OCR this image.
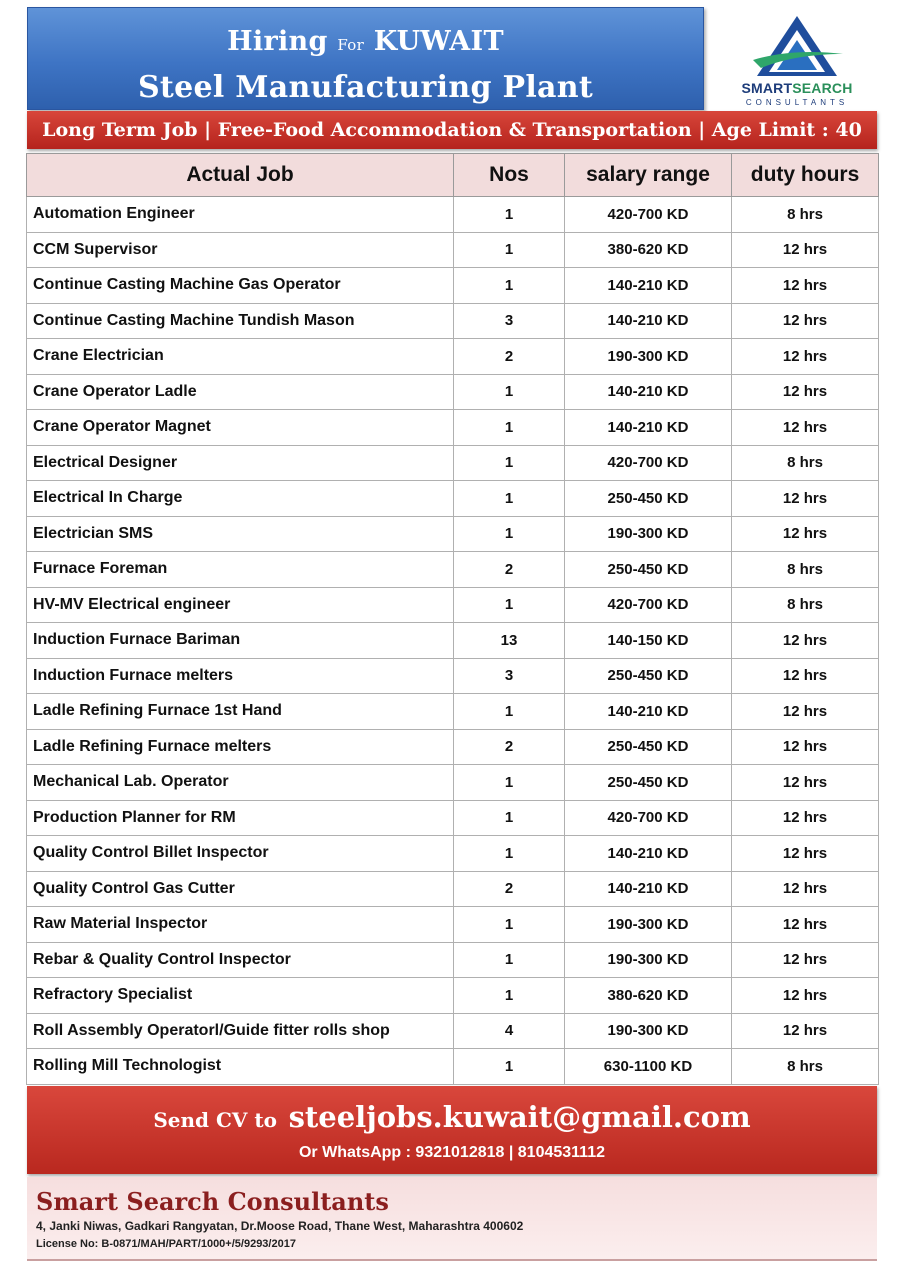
Hiring For KUWAIT
Steel Manufacturing Plant	SMARTSEARCH
CONSULTANTS
Long Term Job | Free-Food Accommodation & Transportation | Age Limit : 40
Actual Job	Nos	salary range	duty hours
Automation Engineer	1	420-700 KD	8 hrs
CCM Supervisor	1	380-620 KD	12 hrs
Continue Casting Machine Gas Operator	1	140-210 KD	12 hrs
Continue Casting Machine Tundish Mason	3	140-210 KD	12 hrs
Crane Electrician	2	190-300 KD	12 hrs
Crane Operator Ladle	1	140-210 KD	12 hrs
Crane Operator Magnet	1	140-210 KD	12 hrs
Electrical Designer	1	420-700 KD	8 hrs
Electrical In Charge	1	250-450 KD	12 hrs
Electrician SMS	1	190-300 KD	12 hrs
Furnace Foreman	2	250-450 KD	8 hrs
HV-MV Electrical engineer	1	420-700 KD	8 hrs
Induction Furnace Bariman	13	140-150 KD	12 hrs
Induction Furnace melters	3	250-450 KD	12 hrs
Ladle Refining Furnace 1st Hand	1	140-210 KD	12 hrs
Ladle Refining Furnace melters	2	250-450 KD	12 hrs
Mechanical Lab. Operator	1	250-450 KD	12 hrs
Production Planner for RM	1	420-700 KD	12 hrs
Quality Control Billet Inspector	1	140-210 KD	12 hrs
Quality Control Gas Cutter	2	140-210 KD	12 hrs
Raw Material Inspector	1	190-300 KD	12 hrs
Rebar & Quality Control Inspector	1	190-300 KD	12 hrs
Refractory Specialist	1	380-620 KD	12 hrs
Roll Assembly Operatorl/Guide fitter rolls shop	4	190-300 KD	12 hrs
Rolling Mill Technologist	1	630-1100 KD	8 hrs
Send CV to steeljobs.kuwait@gmail.com
Or WhatsApp : 9321012818 | 8104531112
Smart Search Consultants
4, Janki Niwas, Gadkari Rangyatan, Dr.Moose Road, Thane West, Maharashtra 400602
License No: B-0871/MAH/PART/1000+/5/9293/2017
